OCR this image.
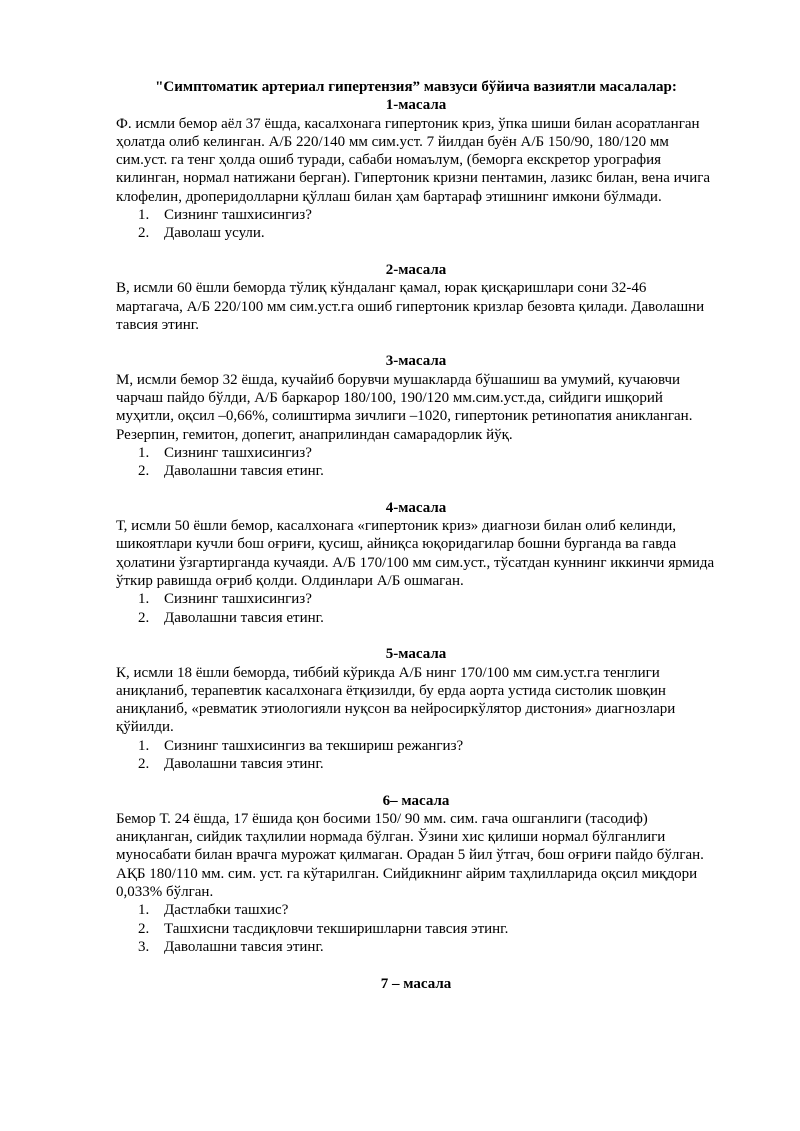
"Симптоматик артериал гипертензия” мавзуси бўйича вазиятли масалалар:
1-масала

Ф. исмли бемор аёл 37 ёшда, касалхонага гипертоник криз, ўпка шиши билан асоратланган ҳолатда олиб келинган. А/Б 220/140 мм сим.уст. 7 йилдан буён А/Б 150/90, 180/120 мм сим.уст. га тенг ҳолда ошиб туради, сабаби номаълум, (беморга екскретор урография килинган, нормал натижани берган). Гипертоник кризни пентамин, лазикс билан, вена ичига клофелин, дроперидолларни қўллаш билан ҳам бартараф этишнинг имкони бўлмади.

1. Сизнинг ташхисингиз?
2. Даволаш усули.
2-масала

В, исмли 60 ёшли беморда тўлиқ кўндаланг қамал, юрак қисқаришлари сони 32-46 мартагача, А/Б 220/100 мм сим.уст.га ошиб гипертоник кризлар безовта қилади. Даволашни тавсия этинг.

3-масала

М, исмли бемор 32 ёшда, кучайиб борувчи мушакларда бўшашиш ва умумий, кучаювчи чарчаш пайдо бўлди, А/Б баркарор 180/100, 190/120 мм.сим.уст.да, сийдиги ишқорий муҳитли, оқсил –0,66%, солиштирма зичлиги –1020, гипертоник ретинопатия аникланган. Резерпин, гемитон, допегит, анаприлиндан самарадорлик йўқ.

1. Сизнинг ташхисингиз?
2. Даволашни тавсия етинг.
4-масала

Т, исмли 50 ёшли бемор, касалхонага «гипертоник криз» диагнози билан олиб келинди, шикоятлари кучли бош оғриғи, қусиш, айниқса юқоридагилар бошни бурганда ва гавда ҳолатини ўзгартирганда кучаяди. А/Б 170/100 мм сим.уст., тўсатдан куннинг иккинчи ярмида ўткир равишда оғриб қолди. Олдинлари А/Б ошмаган.

1. Сизнинг ташхисингиз?
2. Даволашни тавсия етинг.
5-масала

К, исмли 18 ёшли беморда, тиббий кўрикда А/Б нинг 170/100 мм сим.уст.га тенглиги аниқланиб, терапевтик касалхонага ётқизилди, бу ерда аорта устида систолик шовқин аниқланиб, «ревматик этиологияли нуқсон ва нейросиркўлятор дистония» диагнозлари қўйилди.

1. Сизнинг ташхисингиз ва текшириш режангиз?
2. Даволашни тавсия этинг.
6– масала

Бемор Т. 24 ёшда, 17 ёшида қон босими 150/ 90 мм. сим. гача ошганлиги (тасодиф) аниқланган, сийдик таҳлилии нормада бўлган. Ўзини хис қилиши нормал бўлганлиги муносабати билан врачга мурожат қилмаган. Орадан 5 йил ўтгач, бош оғриғи пайдо бўлган. АҚБ 180/110 мм. сим. уст. га кўтарилган. Сийдикнинг айрим таҳлилларида оқсил миқдори 0,033% бўлган.

1. Дастлабки ташхис?
2. Ташхисни тасдиқловчи текширишларни тавсия этинг.
3. Даволашни тавсия этинг.
7 – масала
